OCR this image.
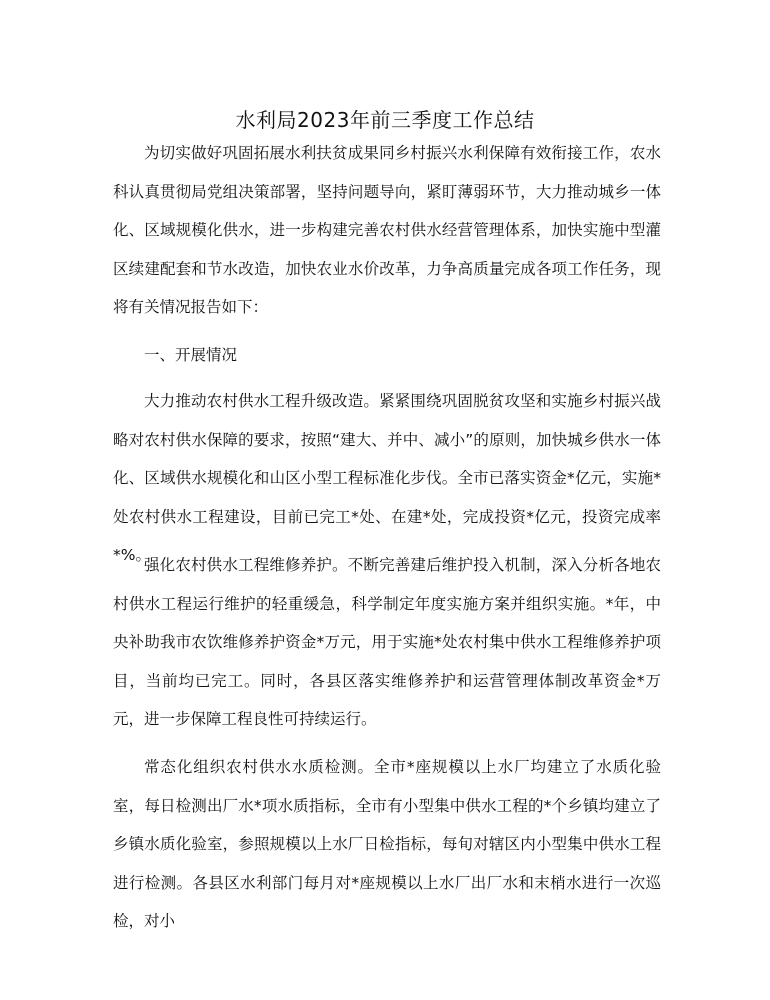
水利局2023年前三季度工作总结

为切实做好巩固拓展水利扶贫成果同乡村振兴水利保障有效衔接工作，农水科认真贯彻局党组决策部署，坚持问题导向，紧盯薄弱环节，大力推动城乡一体化、区域规模化供水，进一步构建完善农村供水经营管理体系，加快实施中型灌区续建配套和节水改造，加快农业水价改革，力争高质量完成各项工作任务，现将有关情况报告如下：

一、开展情况

大力推动农村供水工程升级改造。紧紧围绕巩固脱贫攻坚和实施乡村振兴战略对农村供水保障的要求，按照“建大、并中、减小”的原则，加快城乡供水一体化、区域供水规模化和山区小型工程标准化步伐。全市已落实资金*亿元，实施*处农村供水工程建设，目前已完工*处、在建*处，完成投资*亿元，投资完成率*%。

强化农村供水工程维修养护。不断完善建后维护投入机制，深入分析各地农村供水工程运行维护的轻重缓急，科学制定年度实施方案并组织实施。*年，中央补助我市农饮维修养护资金*万元，用于实施*处农村集中供水工程维修养护项目，当前均已完工。同时，各县区落实维修养护和运营管理体制改革资金*万元，进一步保障工程良性可持续运行。

常态化组织农村供水水质检测。全市*座规模以上水厂均建立了水质化验室，每日检测出厂水*项水质指标，全市有小型集中供水工程的*个乡镇均建立了乡镇水质化验室，参照规模以上水厂日检指标，每旬对辖区内小型集中供水工程进行检测。各县区水利部门每月对*座规模以上水厂出厂水和末梢水进行一次巡检，对小
